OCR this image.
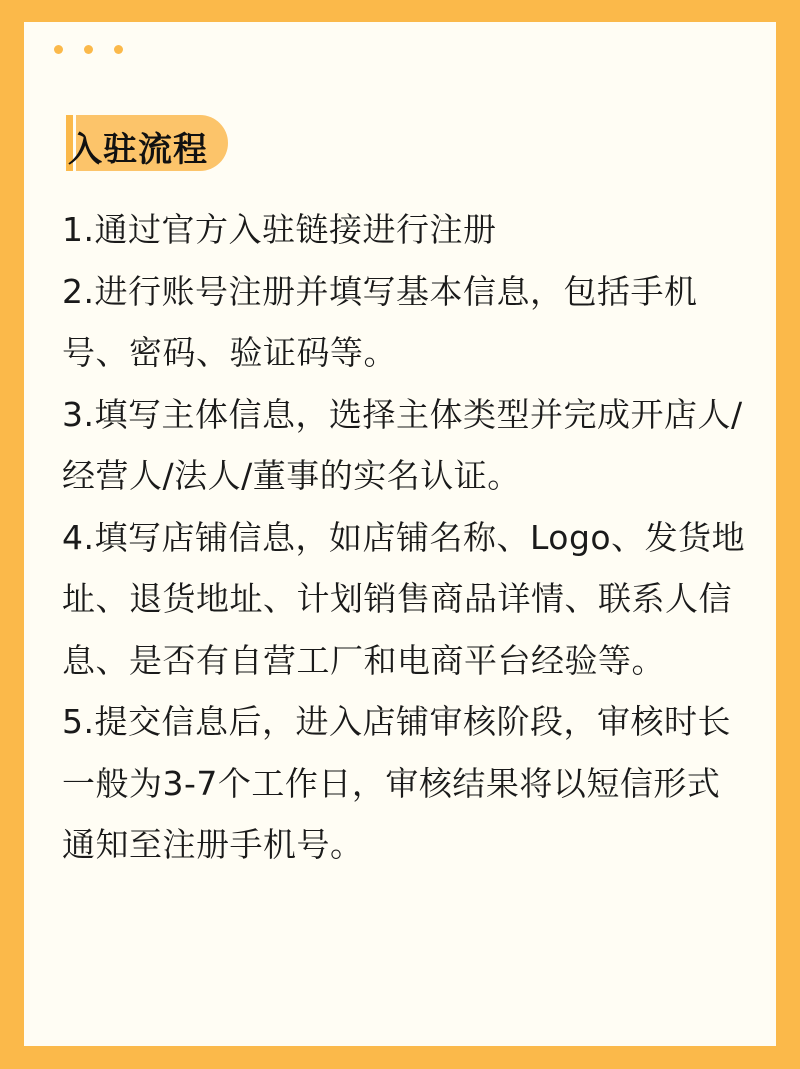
入驻流程

1.通过官方入驻链接进行注册

2.进行账号注册并填写基本信息，包括手机号、密码、验证码等。

3.填写主体信息，选择主体类型并完成开店人/经营人/法人/董事的实名认证。

4.填写店铺信息，如店铺名称、Logo、发货地址、退货地址、计划销售商品详情、联系人信息、是否有自营工厂和电商平台经验等。

5.提交信息后，进入店铺审核阶段，审核时长一般为3-7个工作日，审核结果将以短信形式通知至注册手机号。
